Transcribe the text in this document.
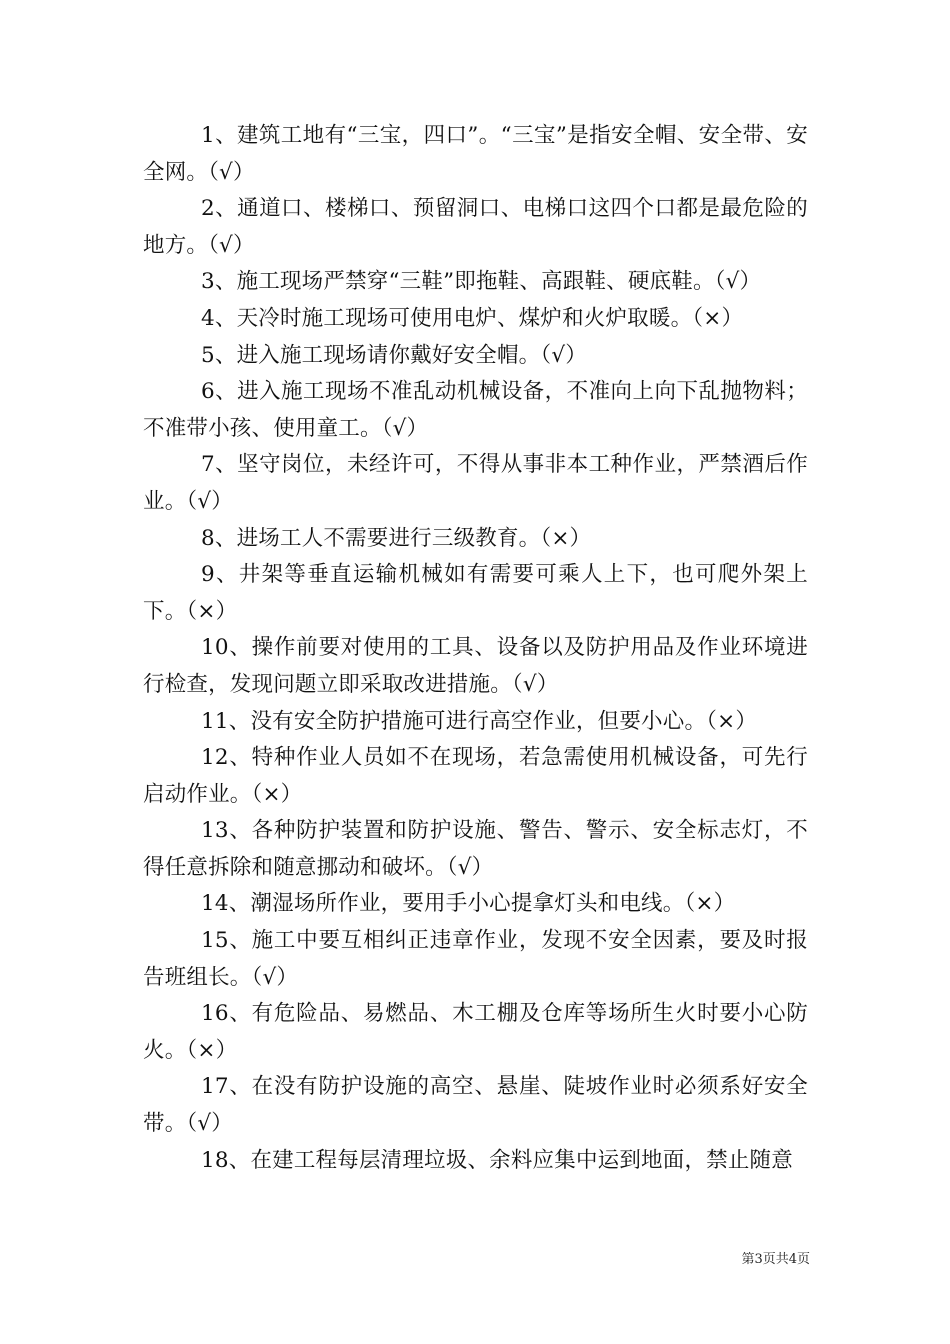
1、建筑工地有“三宝，四口”。“三宝”是指安全帽、安全带、安全网。（√）

2、通道口、楼梯口、预留洞口、电梯口这四个口都是最危险的地方。（√）

3、施工现场严禁穿“三鞋”即拖鞋、高跟鞋、硬底鞋。（√）

4、天冷时施工现场可使用电炉、煤炉和火炉取暖。（×）

5、进入施工现场请你戴好安全帽。（√）

6、进入施工现场不准乱动机械设备，不准向上向下乱抛物料；不准带小孩、使用童工。（√）

7、坚守岗位，未经许可，不得从事非本工种作业，严禁酒后作业。（√）

8、进场工人不需要进行三级教育。（×）

9、井架等垂直运输机械如有需要可乘人上下，也可爬外架上下。（×）

10、操作前要对使用的工具、设备以及防护用品及作业环境进行检查，发现问题立即采取改进措施。（√）

11、没有安全防护措施可进行高空作业，但要小心。（×）

12、特种作业人员如不在现场，若急需使用机械设备，可先行启动作业。（×）

13、各种防护装置和防护设施、警告、警示、安全标志灯，不得任意拆除和随意挪动和破坏。（√）

14、潮湿场所作业，要用手小心提拿灯头和电线。（×）

15、施工中要互相纠正违章作业，发现不安全因素，要及时报告班组长。（√）

16、有危险品、易燃品、木工棚及仓库等场所生火时要小心防火。（×）

17、在没有防护设施的高空、悬崖、陡坡作业时必须系好安全带。（√）

18、在建工程每层清理垃圾、余料应集中运到地面，禁止随意

第3页共4页
